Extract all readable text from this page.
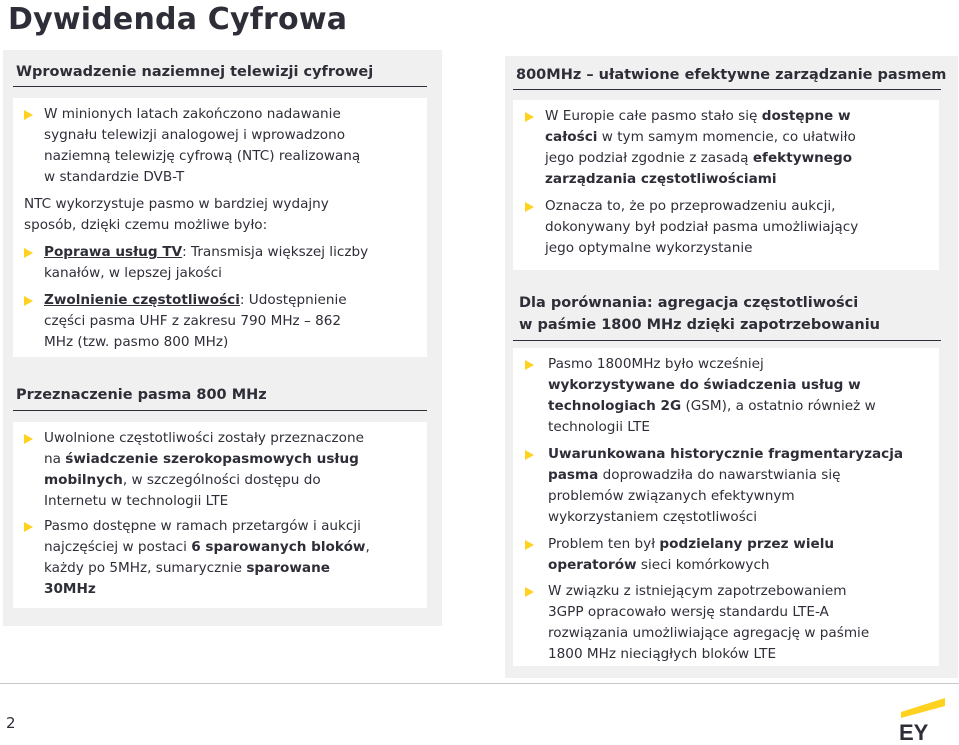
Dywidenda Cyfrowa
Wprowadzenie naziemnej telewizji cyfrowej
W minionych latach zakończono nadawanie
sygnału telewizji analogowej i wprowadzono
naziemną telewizję cyfrową (NTC) realizowaną
w standardzie DVB-T
NTC wykorzystuje pasmo w bardziej wydajny
sposób, dzięki czemu możliwe było:
Poprawa usług TV: Transmisja większej liczby
kanałów, w lepszej jakości
Zwolnienie częstotliwości: Udostępnienie
części pasma UHF z zakresu 790 MHz – 862
MHz (tzw. pasmo 800 MHz)
Przeznaczenie pasma 800 MHz
Uwolnione częstotliwości zostały przeznaczone
na świadczenie szerokopasmowych usług
mobilnych, w szczególności dostępu do
Internetu w technologii LTE
Pasmo dostępne w ramach przetargów i aukcji
najczęściej w postaci 6 sparowanych bloków,
każdy po 5MHz, sumarycznie sparowane
30MHz
800MHz – ułatwione efektywne zarządzanie pasmem
W Europie całe pasmo stało się dostępne w
całości w tym samym momencie, co ułatwiło
jego podział zgodnie z zasadą efektywnego
zarządzania częstotliwościami
Oznacza to, że po przeprowadzeniu aukcji,
dokonywany był podział pasma umożliwiający
jego optymalne wykorzystanie
Dla porównania: agregacja częstotliwości
w paśmie 1800 MHz dzięki zapotrzebowaniu
Pasmo 1800MHz było wcześniej
wykorzystywane do świadczenia usług w
technologiach 2G (GSM), a ostatnio również w
technologii LTE
Uwarunkowana historycznie fragmentaryzacja
pasma doprowadziła do nawarstwiania się
problemów związanych efektywnym
wykorzystaniem częstotliwości
Problem ten był podzielany przez wielu
operatorów sieci komórkowych
W związku z istniejącym zapotrzebowaniem
3GPP opracowało wersję standardu LTE-A
rozwiązania umożliwiające agregację w paśmie
1800 MHz nieciągłych bloków LTE
2	EY
